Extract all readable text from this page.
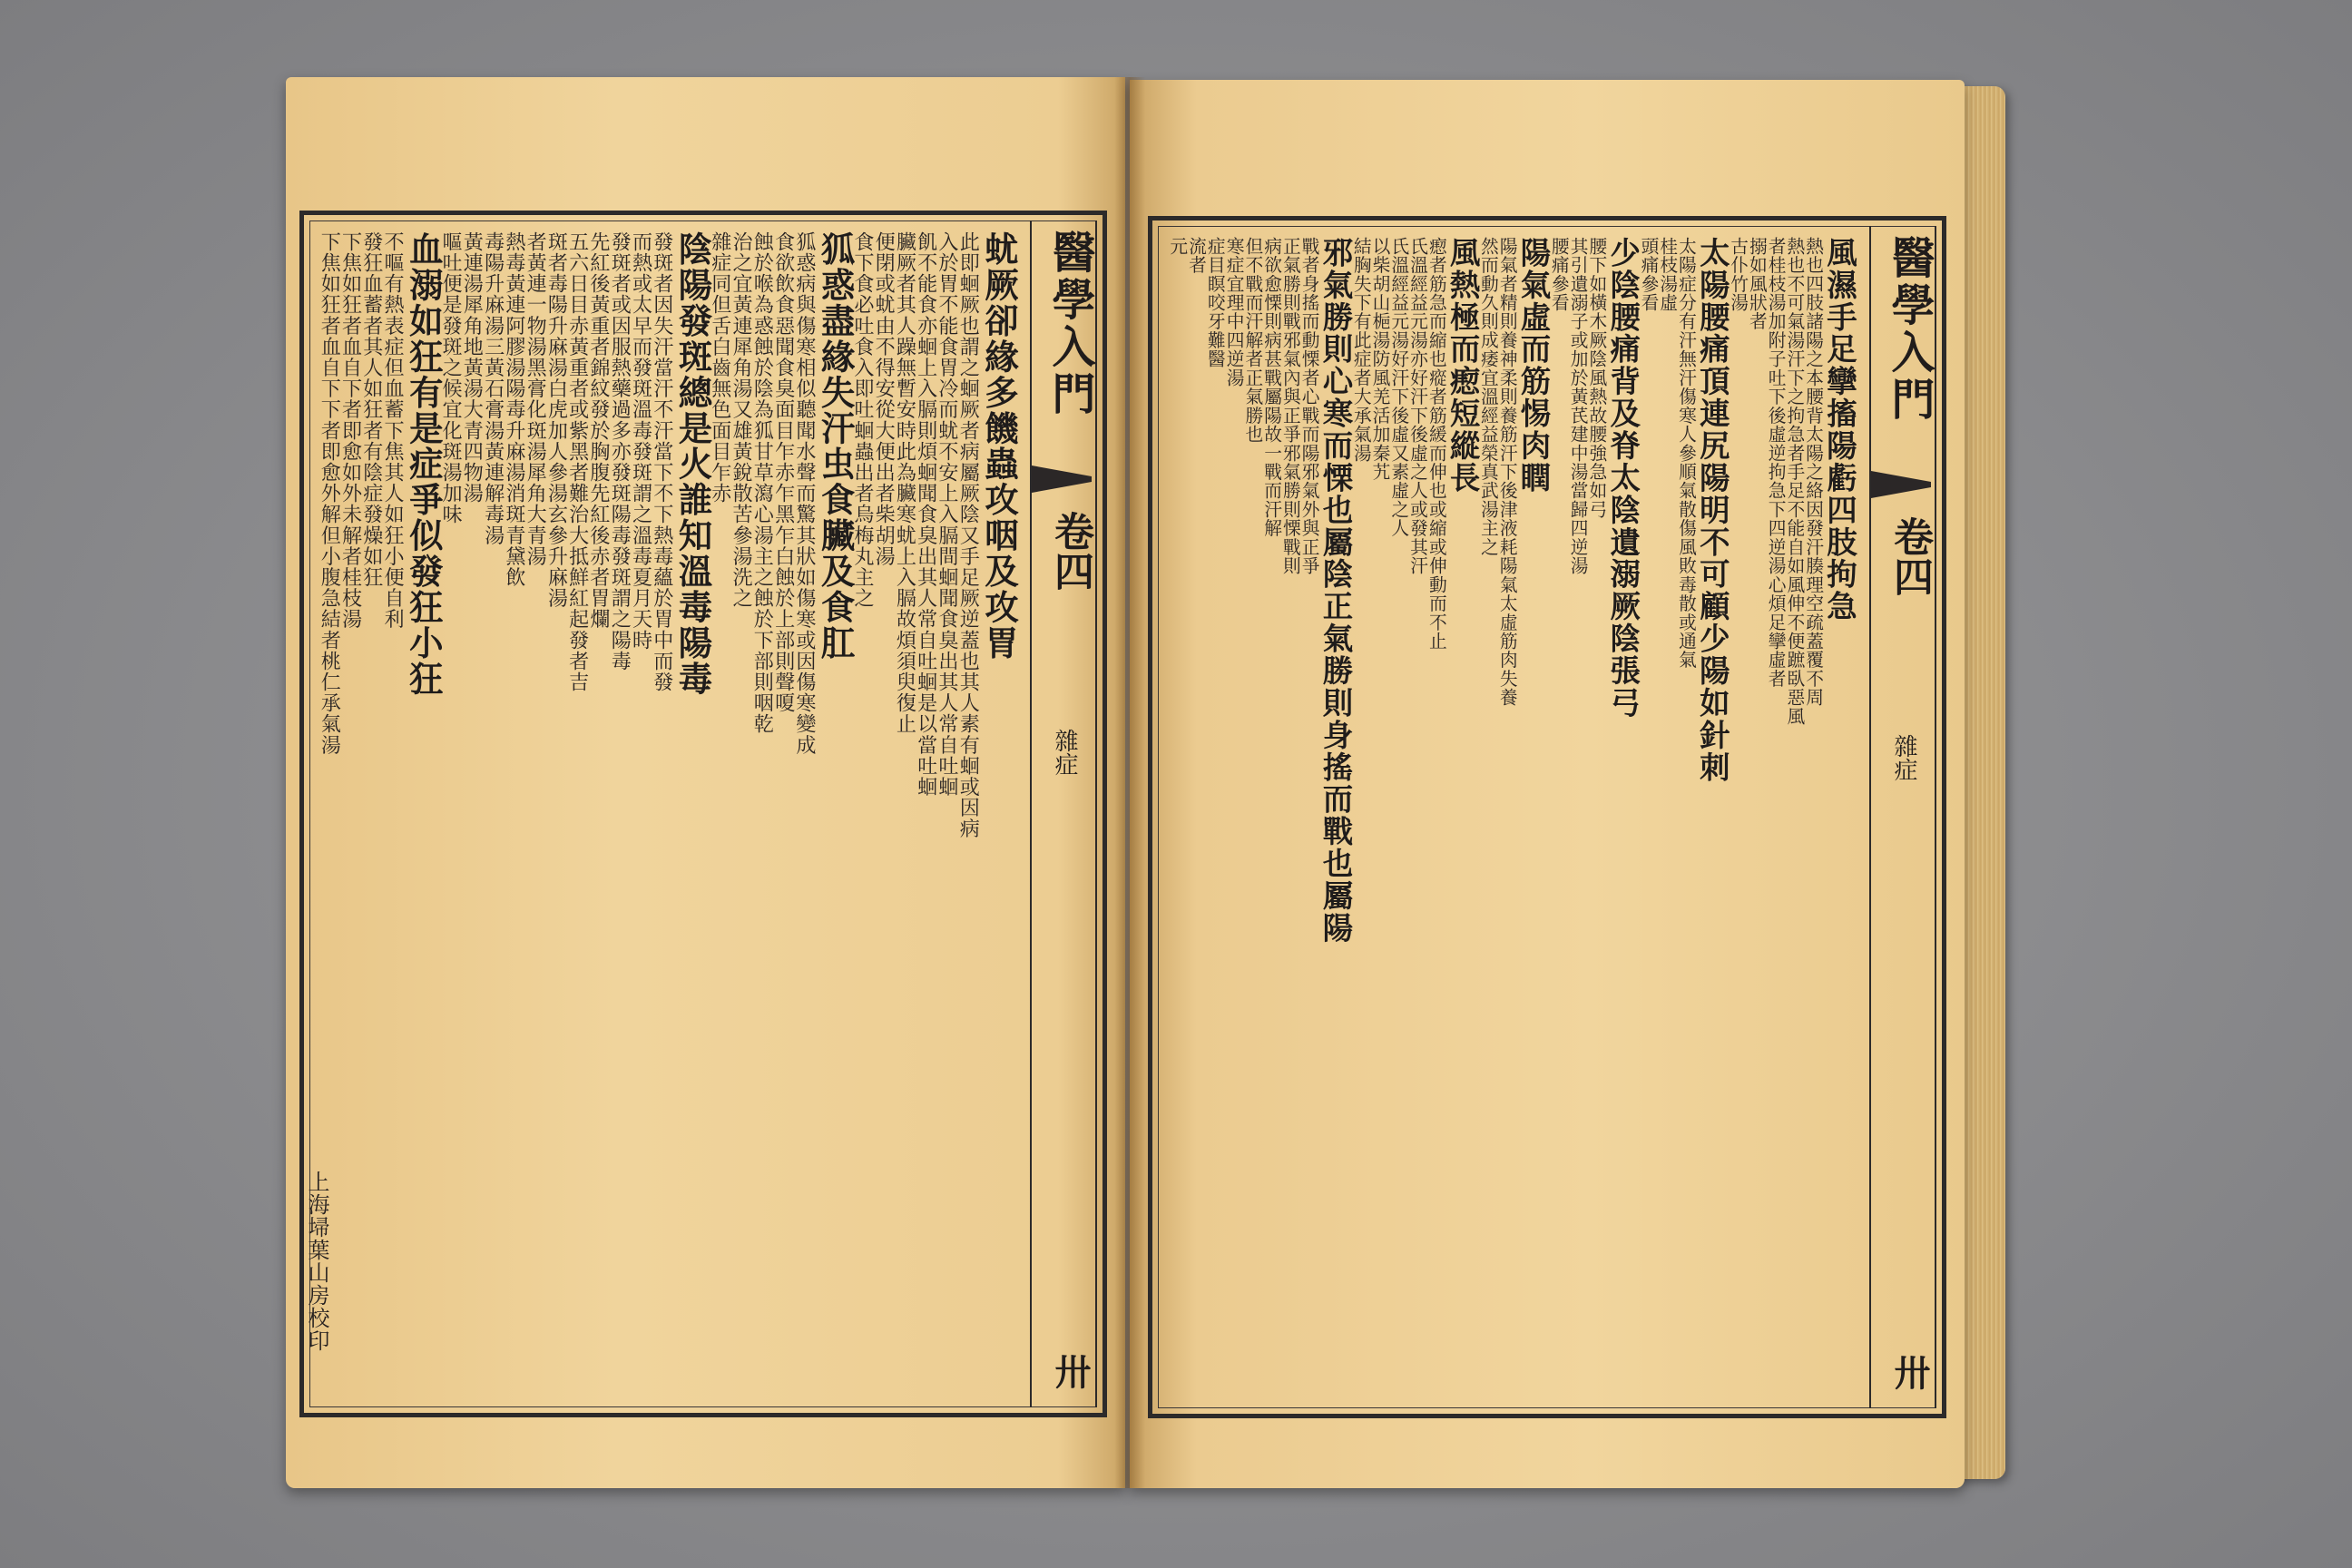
醫學入門
卷四
雜症
卅
蚘厥卻緣多饑蟲攻咽及攻胃
此即蛔厥也謂之蛔厥者病屬厥陰又手足厥逆蓋也其人素有蛔或因病
入於胃不能食胃冷而蚘不安上入膈間蛔聞食臭出其人常自吐蛔
飢不能食亦蛔上入膈則煩蛔聞食臭出其人常自吐蛔是以當吐蛔
臟厥者其人躁無暫安時此為臟寒蚘上入膈故煩須臾復止
便閉或蚘由不得安從大便出者柴胡湯
食下食必吐食入即吐蛔蟲出者烏梅丸主之
狐惑盡緣失汗虫食臟及食肛
狐惑病與傷寒相似聽聞水聲而驚其狀如傷寒或因傷寒變成
食欲飲食惡聞食臭面目乍赤乍黑乍白蝕於上部則聲嗄
蝕於喉為惑蝕於陰為狐甘草瀉心湯主之蝕於下部則咽乾
治之宜黃連犀角湯又雄黃銳散苦參湯洗之
雜症同但舌白齒無色面目乍赤
陰陽發斑總是火誰知溫毒陽毒
發斑者因失汗當汗不汗當下不下熱毒蘊於胃中而發
而熱或太早而發斑溫毒發斑謂之溫毒夏月天時
發斑者或因服熱藥過多亦發斑陽毒發斑謂之陽毒
先紅後黃重者錦紋發於胸腹先紅後赤者胃爛
五六日目赤黃重者或紫黑者難治大抵鮮紅起發者吉
斑者毒陽升麻湯白虎加人參湯玄參升麻湯
者黃連一物湯黑膏化斑湯犀角大青湯
熱毒黃連阿膠湯陽毒升麻湯消斑青黛飲
毒陽升麻湯三黃石膏湯黃連解毒湯
黃連湯犀角地黃湯大青四物湯
嘔吐便是發斑之候宜化斑湯加味
血溺如狂有是症爭似發狂小狂
不嘔有熱表症但血蓄下焦其人如狂小便自利
發狂血蓄者其人如狂者有陰症發燥如狂
下焦如狂者血自下者即愈如外未解者桂枝湯
下焦如狂者血自下下者即愈外解但小腹急結者桃仁承氣湯
上海埽葉山房校印
醫學入門
卷四
雜症
卅
風濕手足攣搐陽虧四肢拘急
熱也四肢諸陽之本腰背太陽之絡因發汗腠理空疏蓋覆不周
熱也不可氣湯汗下之拘急者手足不能自如風伸不便蹠臥惡風
者桂枝湯加附子吐下後虛逆拘急下四逆湯心煩足攣虛者
搦如風狀者
古仆竹湯
太陽腰痛頂連尻陽明不可顧少陽如針刺
太陽症分有汗無汗傷寒人參順氣散傷風敗毒散或通氣
桂枝湯虛
頭痛參看
少陰腰痛背及脊太陰遺溺厥陰張弓
腰下如橫木厥陰風熱故腰強急如弓
其引遺溺子或加於黃芪建中湯當歸四逆湯
腰痛參看
陽氣虛而筋惕肉瞤
陽氣者精則養神柔則養筋汗下後津液耗陽氣太虛筋肉失養
然而動久則成痿宜溫經益榮真武湯主之
風熱極而瘛短縱長
瘛者筋急而縮也瘲者筋緩而伸也或縮或伸動而不止
氏溫經益元湯亦好汗下後虛之人或發其汗
氏溫經益元湯好汗下後虛又素虛之人
以柴胡山梔湯防風羌活加秦艽
結胸失下有此症者大承氣湯
邪氣勝則心寒而慄也屬陰正氣勝則身搖而戰也屬陽
戰者身搖而動慄者心戰而陽邪氣外與正爭
正氣勝則戰邪氣內與正爭邪氣勝則慄戰則
病欲愈慄則病甚戰屬陽故一戰而汗解
但不戰而汗解者正氣勝也
寒症宜理中四逆湯
症目瞑咬牙難醫
流者
元
